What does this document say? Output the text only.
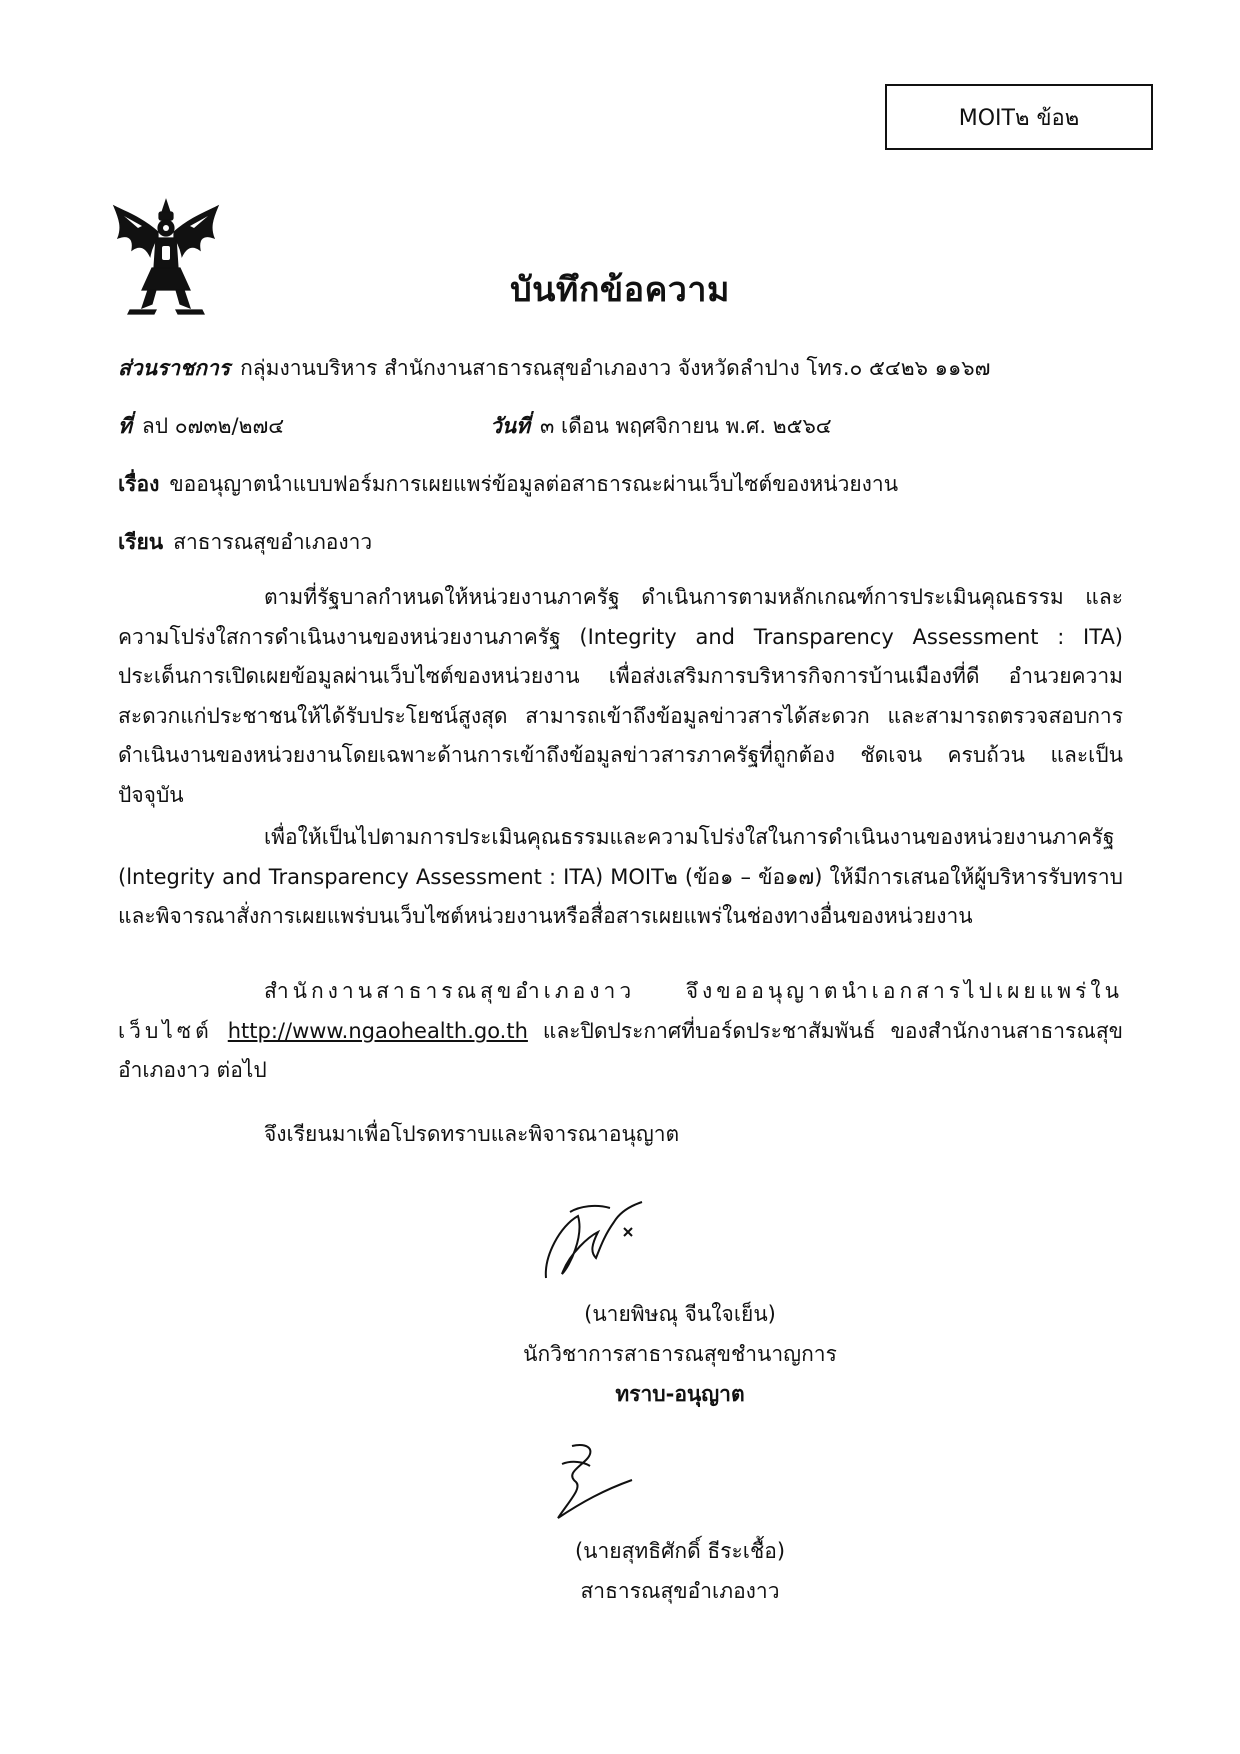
MOIT๒ ข้อ๒
บันทึกข้อความ
ส่วนราชการ กลุ่มงานบริหาร สำนักงานสาธารณสุขอำเภองาว จังหวัดลำปาง โทร.๐ ๕๔๒๖ ๑๑๖๗
ที่ ลป ๐๗๓๒/๒๗๔	วันที่ ๓ เดือน พฤศจิกายน พ.ศ. ๒๕๖๔
เรื่อง ขออนุญาตนำแบบฟอร์มการเผยแพร่ข้อมูลต่อสาธารณะผ่านเว็บไซต์ของหน่วยงาน
เรียน สาธารณสุขอำเภองาว
ตามที่รัฐบาลกำหนดให้หน่วยงานภาครัฐ ดำเนินการตามหลักเกณฑ์การประเมินคุณธรรม และความโปร่งใสการดำเนินงานของหน่วยงานภาครัฐ (Integrity and Transparency Assessment : ITA) ประเด็นการเปิดเผยข้อมูลผ่านเว็บไซต์ของหน่วยงาน เพื่อส่งเสริมการบริหารกิจการบ้านเมืองที่ดี อำนวยความสะดวกแก่ประชาชนให้ได้รับประโยชน์สูงสุด สามารถเข้าถึงข้อมูลข่าวสารได้สะดวก และสามารถตรวจสอบการดำเนินงานของหน่วยงานโดยเฉพาะด้านการเข้าถึงข้อมูลข่าวสารภาครัฐที่ถูกต้อง ชัดเจน ครบถ้วน และเป็นปัจจุบัน
เพื่อให้เป็นไปตามการประเมินคุณธรรมและความโปร่งใสในการดำเนินงานของหน่วยงานภาครัฐ (lntegrity and Transparency Assessment : ITA) MOIT๒ (ข้อ๑ – ข้อ๑๗) ให้มีการเสนอให้ผู้บริหารรับทราบและพิจารณาสั่งการเผยแพร่บนเว็บไซต์หน่วยงานหรือสื่อสารเผยแพร่ในช่องทางอื่นของหน่วยงาน
สำนักงานสาธารณสุขอำเภองาว จึงขออนุญาตนำเอกสารไปเผยแพร่ในเว็บไซต์ http://www.ngaohealth.go.th และปิดประกาศที่บอร์ดประชาสัมพันธ์ ของสำนักงานสาธารณสุขอำเภองาว ต่อไป
จึงเรียนมาเพื่อโปรดทราบและพิจารณาอนุญาต
(นายพิษณุ จีนใจเย็น)
นักวิชาการสาธารณสุขชำนาญการ
ทราบ-อนุญาต
(นายสุทธิศักดิ์ ธีระเชื้อ)
สาธารณสุขอำเภองาว
